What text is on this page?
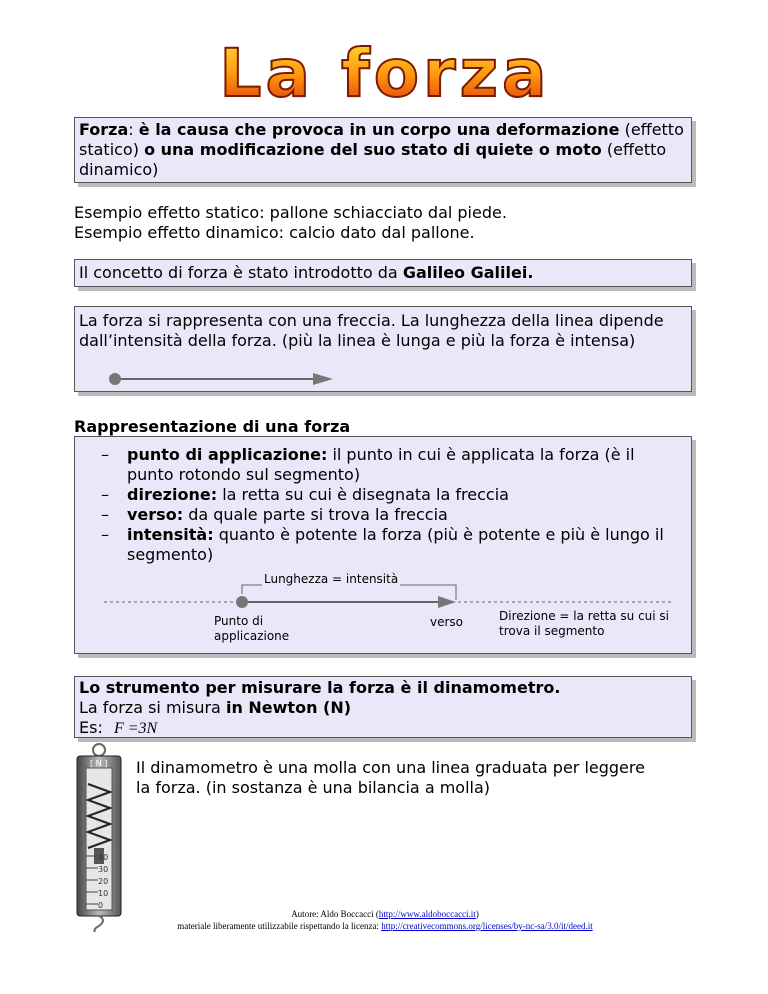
La forza
Forza: è la causa che provoca in un corpo una deformazione (effetto statico) o una modificazione del suo stato di quiete o moto (effetto dinamico)
Esempio effetto statico: pallone schiacciato dal piede.
Esempio effetto dinamico: calcio dato dal pallone.
Il concetto di forza è stato introdotto da Galileo Galilei.
La forza si rappresenta con una freccia. La lunghezza della linea dipende dall’intensità della forza. (più la linea è lunga e più la forza è intensa)
Rappresentazione di una forza
– punto di applicazione: il punto in cui è applicata la forza (è il punto rotondo sul segmento)
– direzione: la retta su cui è disegnata la freccia
– verso: da quale parte si trova la freccia
– intensità: quanto è potente la forza (più è potente e più è lungo il segmento)
Lunghezza = intensità
Punto di applicazione
verso	Direzione = la retta su cui si trova il segmento
Lo strumento per misurare la forza è il dinamometro.
La forza si misura in Newton (N)
Es: F =3N
[ N ]
40
30
20
10
0
Il dinamometro è una molla con una linea graduata per leggere la forza. (in sostanza è una bilancia a molla)
Autore: Aldo Boccacci (http://www.aldoboccacci.it)
materiale liberamente utilizzabile rispettando la licenza: http://creativecommons.org/licenses/by-nc-sa/3.0/it/deed.it
